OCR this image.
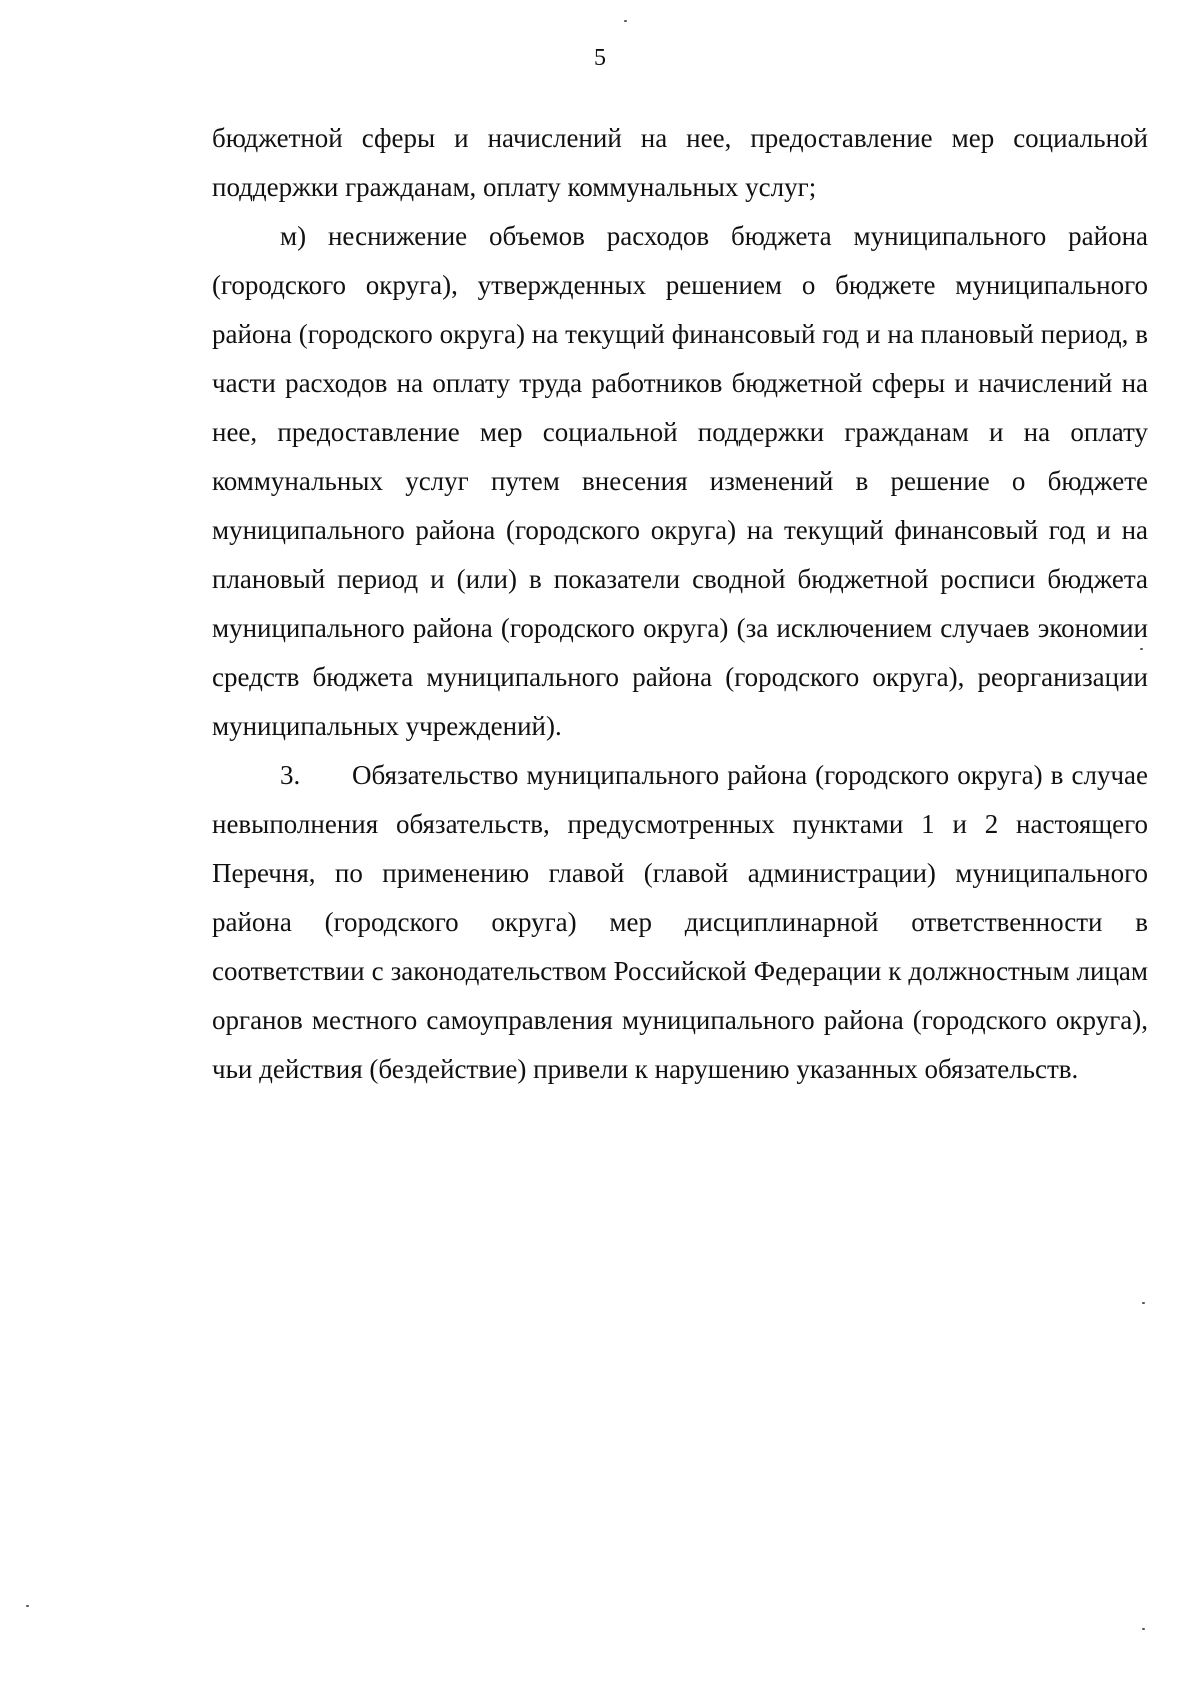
5

бюджетной сферы и начислений на нее, предоставление мер социальной поддержки гражданам, оплату коммунальных услуг;

м) неснижение объемов расходов бюджета муниципального района (городского округа), утвержденных решением о бюджете муниципального района (городского округа) на текущий финансовый год и на плановый период, в части расходов на оплату труда работников бюджетной сферы и начислений на нее, предоставление мер социальной поддержки гражданам и на оплату коммунальных услуг путем внесения изменений в решение о бюджете муниципального района (городского округа) на текущий финансовый год и на плановый период и (или) в показатели сводной бюджетной росписи бюджета муниципального района (городского округа) (за исключением случаев экономии средств бюджета муниципального района (городского округа), реорганизации муниципальных учреждений).

3. Обязательство муниципального района (городского округа) в случае невыполнения обязательств, предусмотренных пунктами 1 и 2 настоящего Перечня, по применению главой (главой администрации) муниципального района (городского округа) мер дисциплинарной ответственности в соответствии с законодательством Российской Федерации к должностным лицам органов местного самоуправления муниципального района (городского округа), чьи действия (бездействие) привели к нарушению указанных обязательств.
